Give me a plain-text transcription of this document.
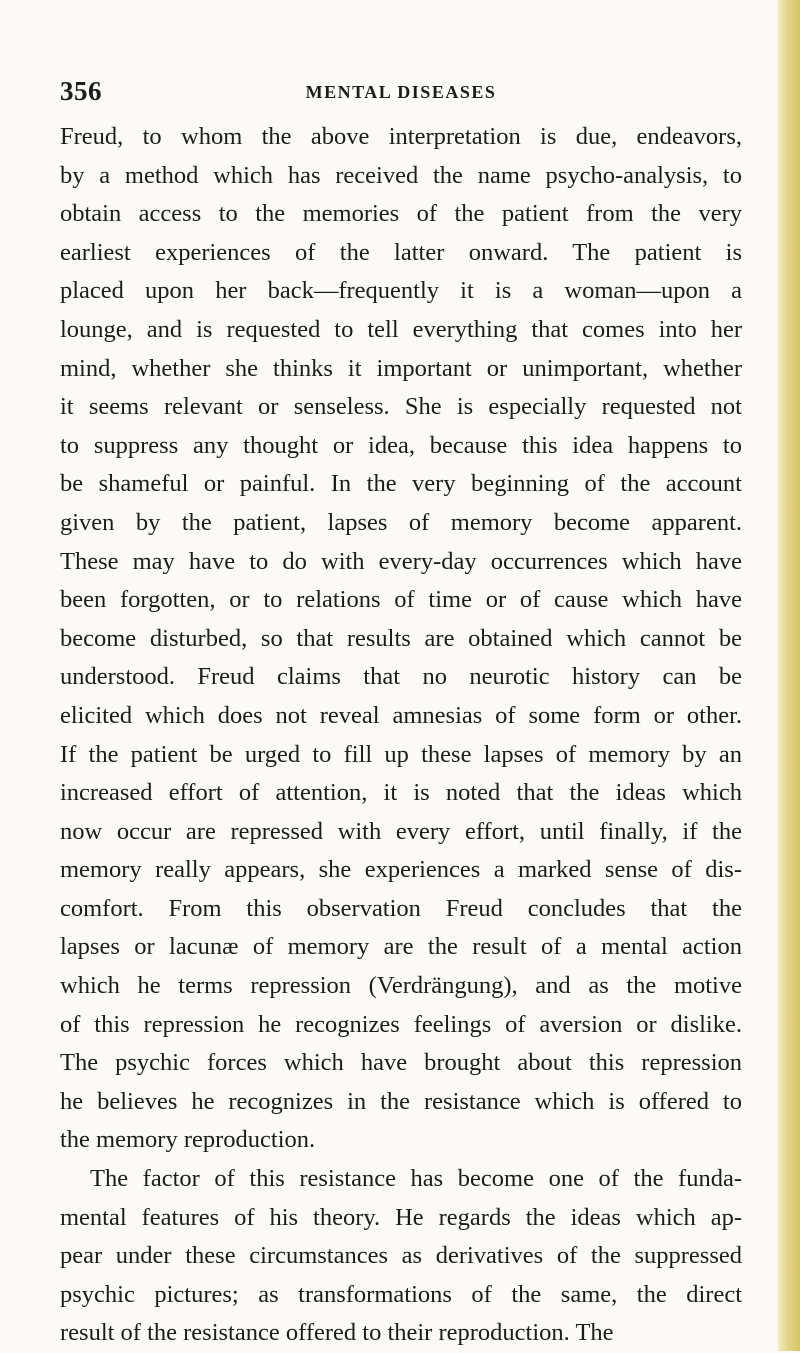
356	MENTAL DISEASES
Freud, to whom the above interpretation is due, endeavors,
by a method which has received the name psycho-analysis, to
obtain access to the memories of the patient from the very
earliest experiences of the latter onward. The patient is
placed upon her back—frequently it is a woman—upon a
lounge, and is requested to tell everything that comes into her
mind, whether she thinks it important or unimportant, whether
it seems relevant or senseless. She is especially requested not
to suppress any thought or idea, because this idea happens to
be shameful or painful. In the very beginning of the account
given by the patient, lapses of memory become apparent.
These may have to do with every-day occurrences which have
been forgotten, or to relations of time or of cause which have
become disturbed, so that results are obtained which cannot be
understood. Freud claims that no neurotic history can be
elicited which does not reveal amnesias of some form or other.
If the patient be urged to fill up these lapses of memory by an
increased effort of attention, it is noted that the ideas which
now occur are repressed with every effort, until finally, if the
memory really appears, she experiences a marked sense of dis-
comfort. From this observation Freud concludes that the
lapses or lacunæ of memory are the result of a mental action
which he terms repression (Verdrängung), and as the motive
of this repression he recognizes feelings of aversion or dislike.
The psychic forces which have brought about this repression
he believes he recognizes in the resistance which is offered to
the memory reproduction.
The factor of this resistance has become one of the funda-
mental features of his theory. He regards the ideas which ap-
pear under these circumstances as derivatives of the suppressed
psychic pictures; as transformations of the same, the direct
result of the resistance offered to their reproduction. The
